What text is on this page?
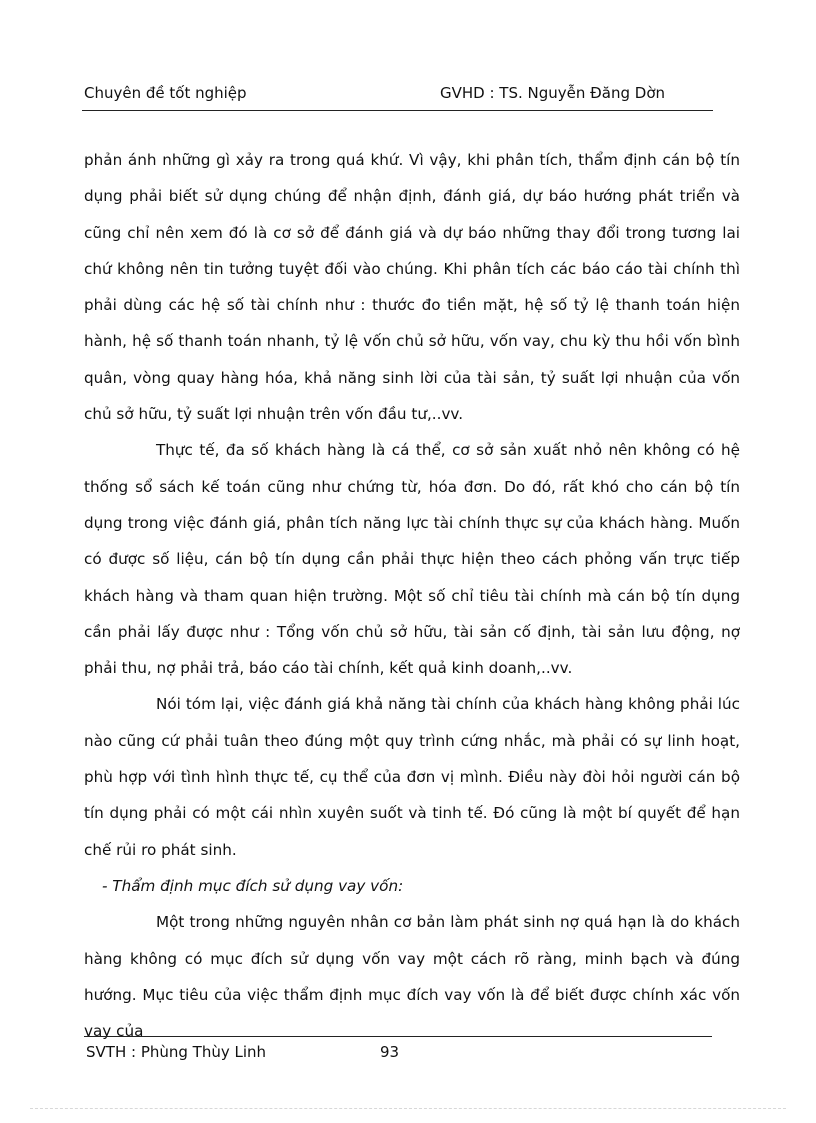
Chuyên đề tốt nghiệp	GVHD : TS. Nguyễn Đăng Dờn

phản ánh những gì xảy ra trong quá khứ. Vì vậy, khi phân tích, thẩm định cán bộ tín dụng phải biết sử dụng chúng để nhận định, đánh giá, dự báo hướng phát triển và cũng chỉ nên xem đó là cơ sở để đánh giá và dự báo những thay đổi trong tương lai chứ không nên tin tưởng tuyệt đối vào chúng. Khi phân tích các báo cáo tài chính thì phải dùng các hệ số tài chính như : thước đo tiền mặt, hệ số tỷ lệ thanh toán hiện hành, hệ số thanh toán nhanh, tỷ lệ vốn chủ sở hữu, vốn vay, chu kỳ thu hồi vốn bình quân, vòng quay hàng hóa, khả năng sinh lời của tài sản, tỷ suất lợi nhuận của vốn chủ sở hữu, tỷ suất lợi nhuận trên vốn đầu tư,..vv.

Thực tế, đa số khách hàng là cá thể, cơ sở sản xuất nhỏ nên không có hệ thống sổ sách kế toán cũng như chứng từ, hóa đơn. Do đó, rất khó cho cán bộ tín dụng trong việc đánh giá, phân tích năng lực tài chính thực sự của khách hàng. Muốn có được số liệu, cán bộ tín dụng cần phải thực hiện theo cách phỏng vấn trực tiếp khách hàng và tham quan hiện trường. Một số chỉ tiêu tài chính mà cán bộ tín dụng cần phải lấy được như : Tổng vốn chủ sở hữu, tài sản cố định, tài sản lưu động, nợ phải thu, nợ phải trả, báo cáo tài chính, kết quả kinh doanh,..vv.

Nói tóm lại, việc đánh giá khả năng tài chính của khách hàng không phải lúc nào cũng cứ phải tuân theo đúng một quy trình cứng nhắc, mà phải có sự linh hoạt, phù hợp với tình hình thực tế, cụ thể của đơn vị mình. Điều này đòi hỏi người cán bộ tín dụng phải có một cái nhìn xuyên suốt và tinh tế. Đó cũng là một bí quyết để hạn chế rủi ro phát sinh.

- Thẩm định mục đích sử dụng vay vốn:

Một trong những nguyên nhân cơ bản làm phát sinh nợ quá hạn là do khách hàng không có mục đích sử dụng vốn vay một cách rõ ràng, minh bạch và đúng hướng. Mục tiêu của việc thẩm định mục đích vay vốn là để biết được chính xác vốn vay của

SVTH : Phùng Thùy Linh	93
